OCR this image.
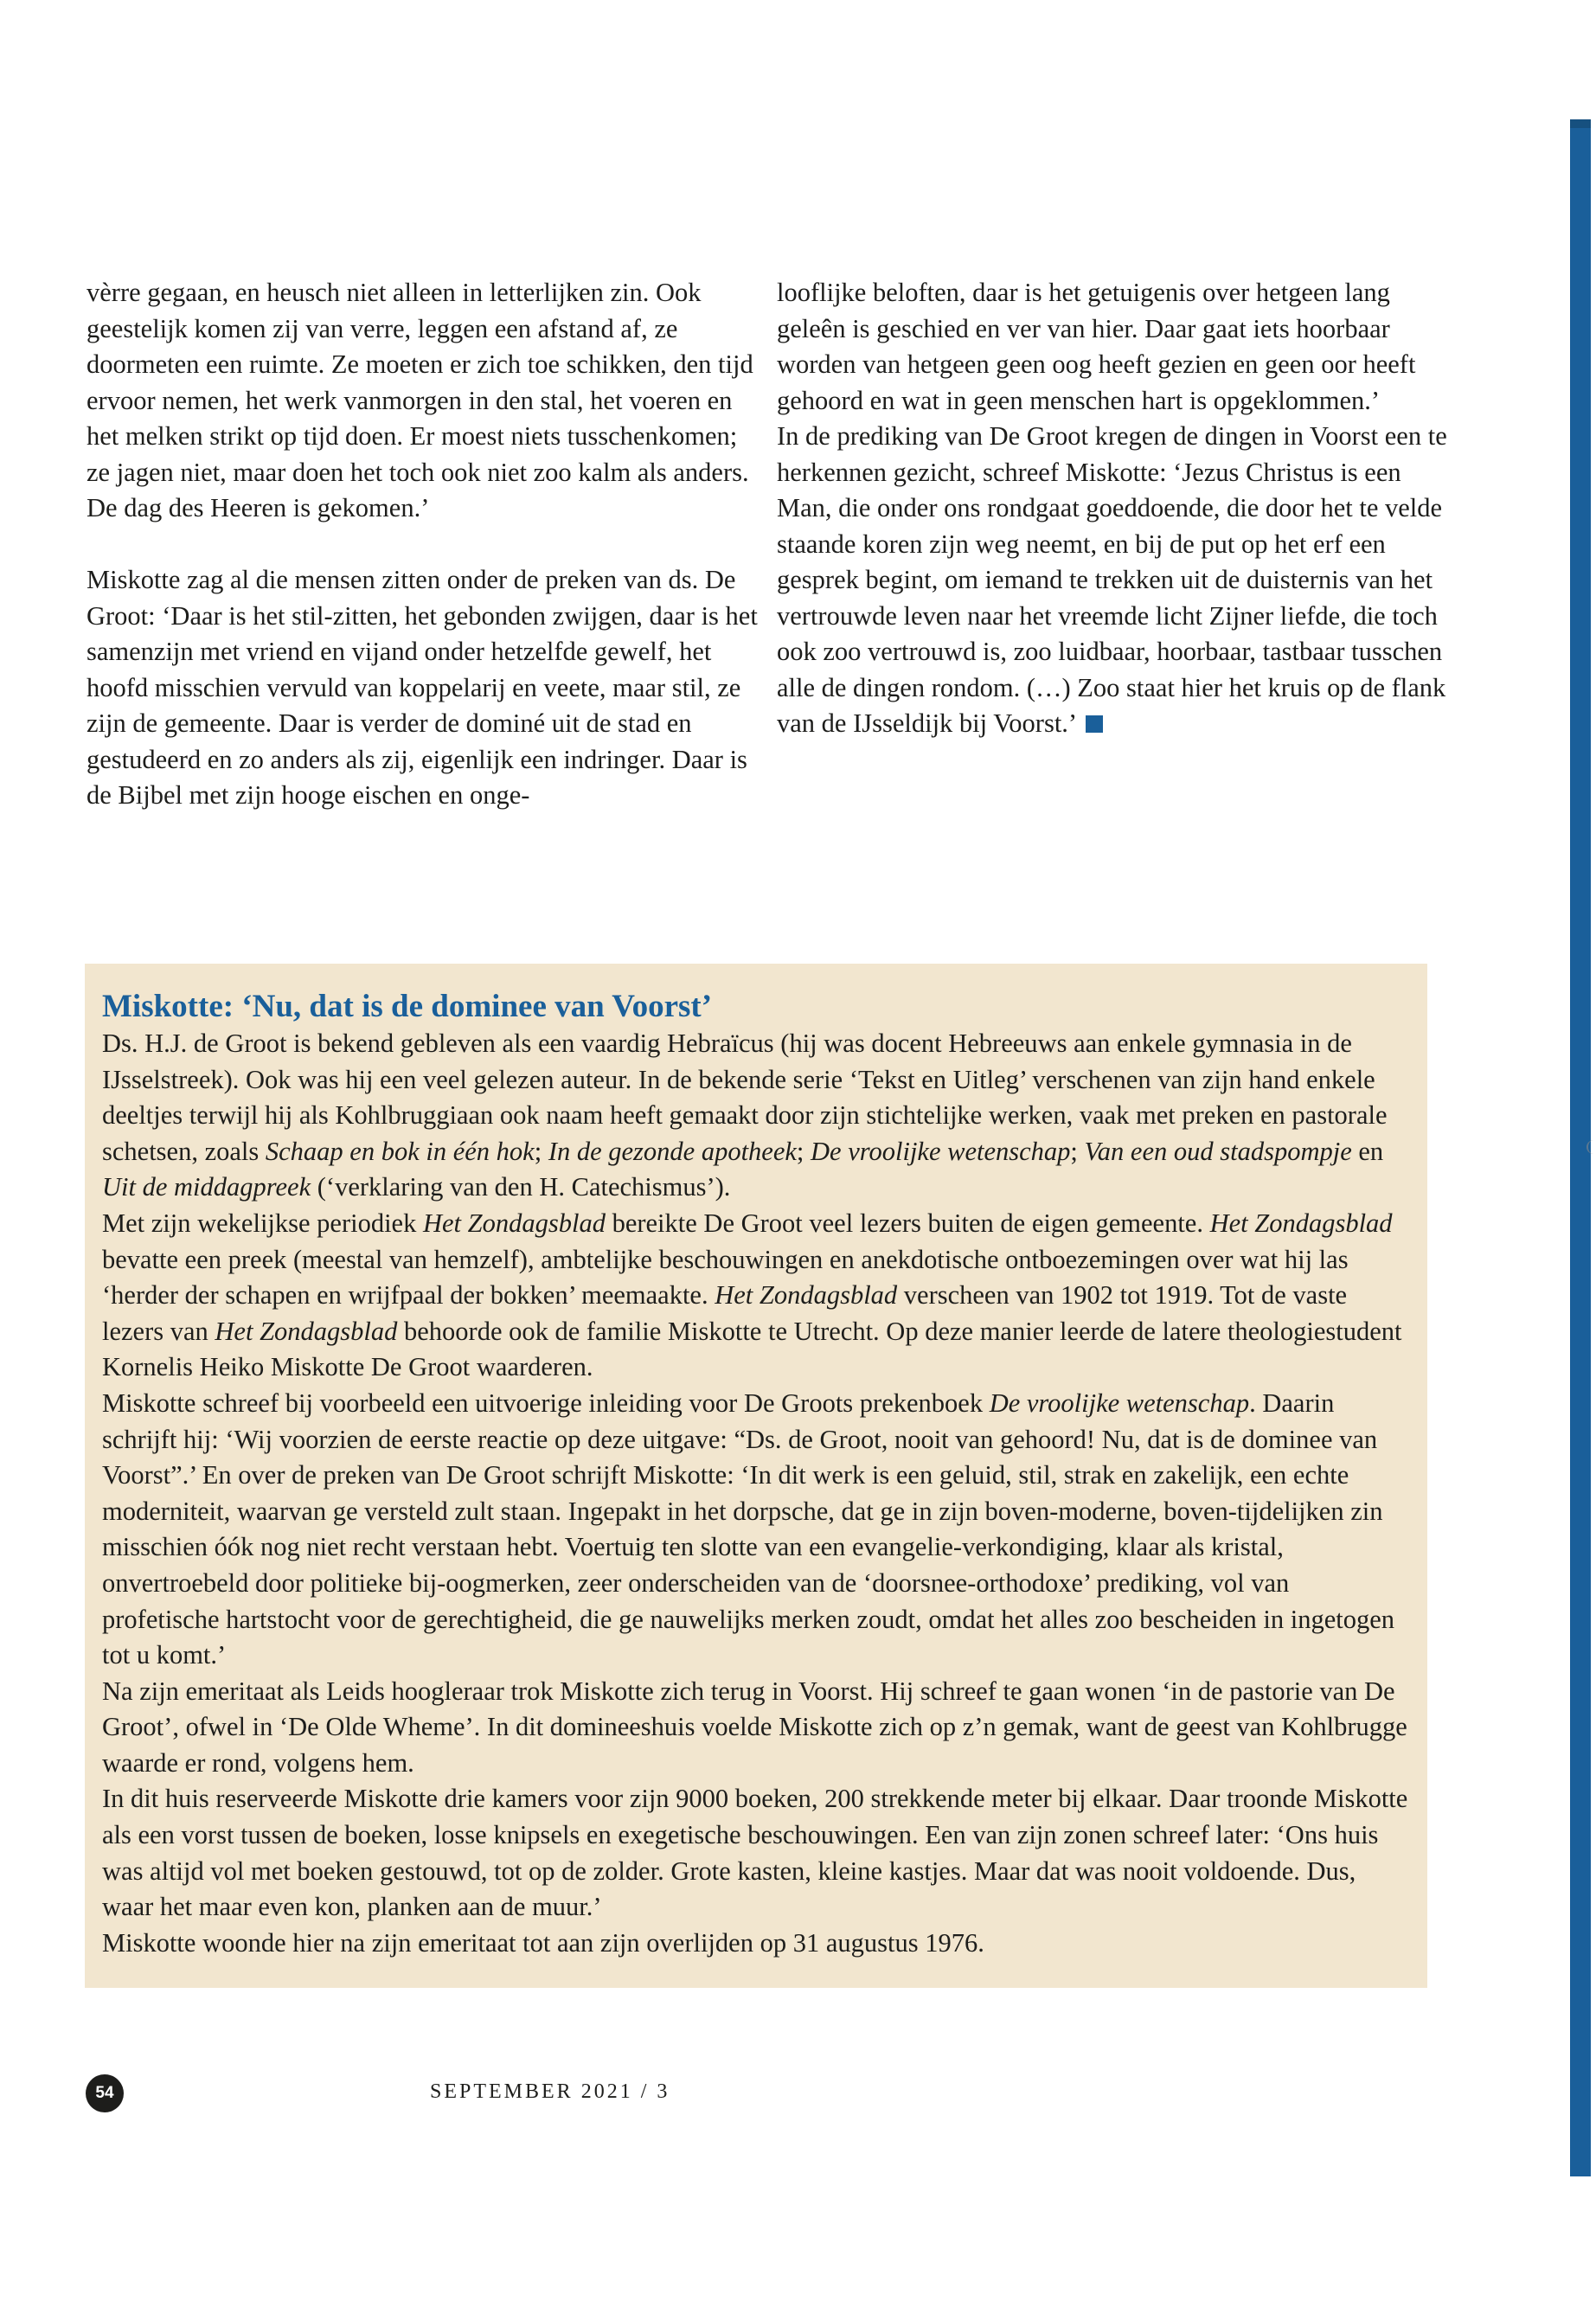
vèrre gegaan, en heusch niet alleen in letterlijken zin. Ook geestelijk komen zij van verre, leggen een afstand af, ze doormeten een ruimte. Ze moeten er zich toe schikken, den tijd ervoor nemen, het werk vanmorgen in den stal, het voeren en het melken strikt op tijd doen. Er moest niets tusschenkomen; ze jagen niet, maar doen het toch ook niet zoo kalm als anders. De dag des Heeren is gekomen.’

Miskotte zag al die mensen zitten onder de preken van ds. De Groot: ‘Daar is het stil-zitten, het gebonden zwijgen, daar is het samenzijn met vriend en vijand onder hetzelfde gewelf, het hoofd misschien vervuld van koppelarij en veete, maar stil, ze zijn de gemeente. Daar is verder de dominé uit de stad en gestudeerd en zo anders als zij, eigenlijk een indringer. Daar is de Bijbel met zijn hooge eischen en onge-

looflijke beloften, daar is het getuigenis over hetgeen lang geleên is geschied en ver van hier. Daar gaat iets hoorbaar worden van hetgeen geen oog heeft gezien en geen oor heeft gehoord en wat in geen menschen hart is opgeklommen.’

In de prediking van De Groot kregen de dingen in Voorst een te herkennen gezicht, schreef Miskotte: ‘Jezus Christus is een Man, die onder ons rondgaat goeddoende, die door het te velde staande koren zijn weg neemt, en bij de put op het erf een gesprek begint, om iemand te trekken uit de duisternis van het vertrouwde leven naar het vreemde licht Zijner liefde, die toch ook zoo vertrouwd is, zoo luidbaar, hoorbaar, tastbaar tusschen alle de dingen rondom. (…) Zoo staat hier het kruis op de flank van de IJsseldijk bij Voorst.’

Miskotte: ‘Nu, dat is de dominee van Voorst’

Ds. H.J. de Groot is bekend gebleven als een vaardig Hebraïcus (hij was docent Hebreeuws aan enkele gymnasia in de IJsselstreek). Ook was hij een veel gelezen auteur. In de bekende serie ‘Tekst en Uitleg’ verschenen van zijn hand enkele deeltjes terwijl hij als Kohlbruggiaan ook naam heeft gemaakt door zijn stichtelijke werken, vaak met preken en pastorale schetsen, zoals Schaap en bok in één hok; In de gezonde apotheek; De vroolijke wetenschap; Van een oud stadspompje en Uit de middagpreek (‘verklaring van den H. Catechismus’).

Met zijn wekelijkse periodiek Het Zondagsblad bereikte De Groot veel lezers buiten de eigen gemeente. Het Zondagsblad bevatte een preek (meestal van hemzelf), ambtelijke beschouwingen en anekdotische ontboezemingen over wat hij las ‘herder der schapen en wrijfpaal der bokken’ meemaakte. Het Zondagsblad verscheen van 1902 tot 1919. Tot de vaste lezers van Het Zondagsblad behoorde ook de familie Miskotte te Utrecht. Op deze manier leerde de latere theologiestudent Kornelis Heiko Miskotte De Groot waarderen.

Miskotte schreef bij voorbeeld een uitvoerige inleiding voor De Groots prekenboek De vroolijke wetenschap. Daarin schrijft hij: ‘Wij voorzien de eerste reactie op deze uitgave: “Ds. de Groot, nooit van gehoord! Nu, dat is de dominee van Voorst”.’ En over de preken van De Groot schrijft Miskotte: ‘In dit werk is een geluid, stil, strak en zakelijk, een echte moderniteit, waarvan ge versteld zult staan. Ingepakt in het dorpsche, dat ge in zijn boven-moderne, boven-tijdelijken zin misschien óók nog niet recht verstaan hebt. Voertuig ten slotte van een evangelie-verkondiging, klaar als kristal, onvertroebeld door politieke bij-oogmerken, zeer onderscheiden van de ‘doorsnee-orthodoxe’ prediking, vol van profetische hartstocht voor de gerechtigheid, die ge nauwelijks merken zoudt, omdat het alles zoo bescheiden in ingetogen tot u komt.’

Na zijn emeritaat als Leids hoogleraar trok Miskotte zich terug in Voorst. Hij schreef te gaan wonen ‘in de pastorie van De Groot’, ofwel in ‘De Olde Wheme’. In dit domineeshuis voelde Miskotte zich op z’n gemak, want de geest van Kohlbrugge waarde er rond, volgens hem.

In dit huis reserveerde Miskotte drie kamers voor zijn 9000 boeken, 200 strekkende meter bij elkaar. Daar troonde Miskotte als een vorst tussen de boeken, losse knipsels en exegetische beschouwingen. Een van zijn zonen schreef later: ‘Ons huis was altijd vol met boeken gestouwd, tot op de zolder. Grote kasten, kleine kastjes. Maar dat was nooit voldoende. Dus, waar het maar even kon, planken aan de muur.’

Miskotte woonde hier na zijn emeritaat tot aan zijn overlijden op 31 augustus 1976.

54	SEPTEMBER 2021 / 3
